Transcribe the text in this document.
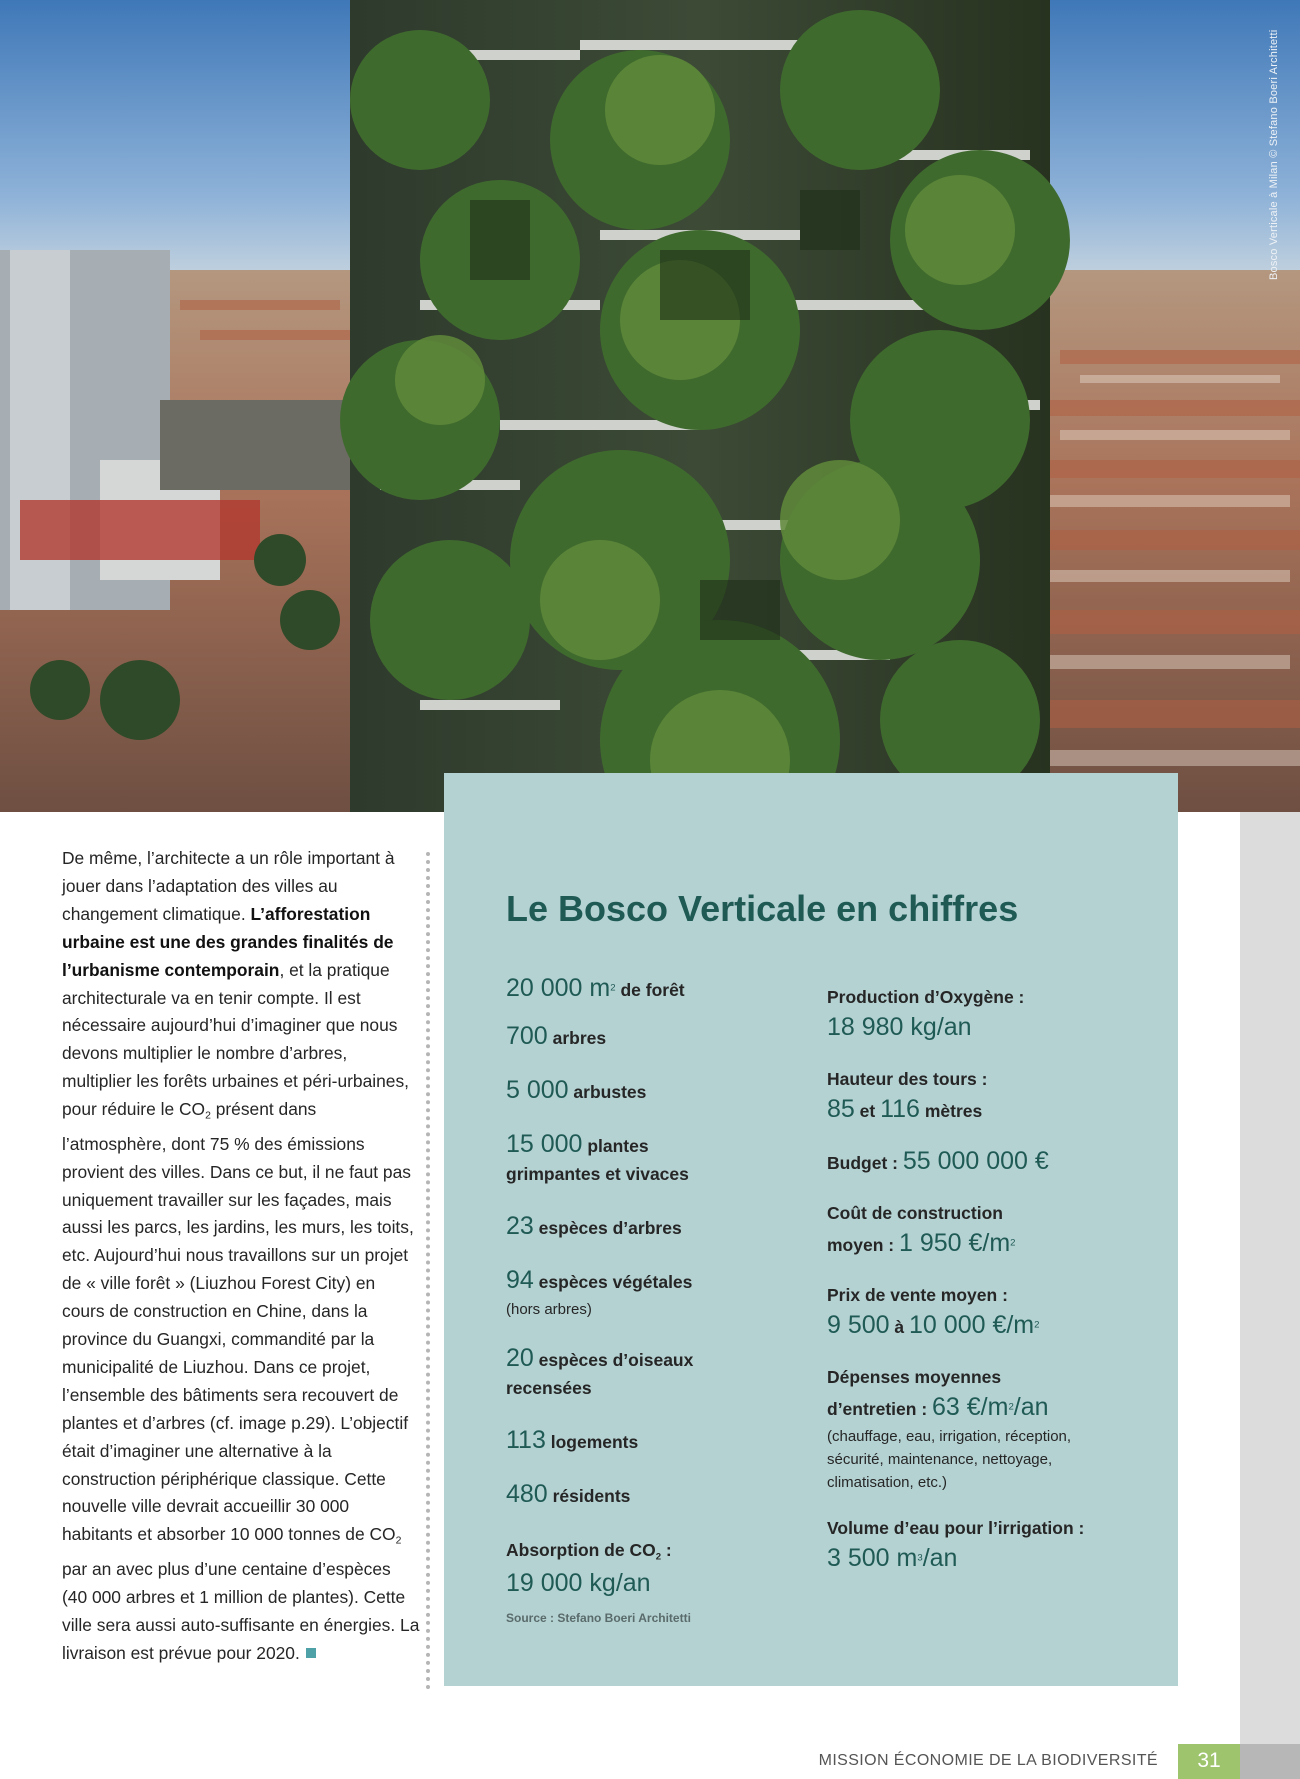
Bosco Verticale à Milan © Stefano Boeri Architetti
De même, l’architecte a un rôle important à jouer dans l’adaptation des villes au changement climatique. L’afforestation urbaine est une des grandes finalités de l’urbanisme contemporain, et la pratique architecturale va en tenir compte. Il est nécessaire aujourd’hui d’imaginer que nous devons multiplier le nombre d’arbres, multiplier les forêts urbaines et péri-urbaines, pour réduire le $CO_2$ présent dans l’atmosphère, dont 75 % des émissions provient des villes. Dans ce but, il ne faut pas uniquement travailler sur les façades, mais aussi les parcs, les jardins, les murs, les toits, etc. Aujourd’hui nous travaillons sur un projet de « ville forêt » (Liuzhou Forest City) en cours de construction en Chine, dans la province du Guangxi, commandité par la municipalité de Liuzhou. Dans ce projet, l’ensemble des bâtiments sera recouvert de plantes et d’arbres (cf. image p.29). L’objectif était d’imaginer une alternative à la construction périphérique classique. Cette nouvelle ville devrait accueillir 30 000 habitants et absorber 10 000 tonnes de $CO_2$ par an avec plus d’une centaine d’espèces (40 000 arbres et 1 million de plantes). Cette ville sera aussi auto-suffisante en énergies. La livraison est prévue pour 2020.
Le Bosco Verticale en chiffres
20 000 $m^2$ de forêt
700 arbres
5 000 arbustes
15 000 plantes
grimpantes et vivaces
23 espèces d’arbres
94 espèces végétales
(hors arbres)
20 espèces d’oiseaux
recensées
113 logements
480 résidents
Absorption de $CO_2$ :
19 000 kg/an
Production d’Oxygène :
18 980 kg/an
Hauteur des tours :
85 et 116 mètres
Budget : 55 000 000 €
Coût de construction
moyen : 1 950 $€/m^2$
Prix de vente moyen :
9 500 à 10 000 $€/m^2$
Dépenses moyennes
d’entretien : 63 $€/m^2/an$
(chauffage, eau, irrigation, réception, sécurité, maintenance, nettoyage, climatisation, etc.)
Volume d’eau pour l’irrigation :
3 500 $m^3/an$
Source : Stefano Boeri Architetti
MISSION ÉCONOMIE DE LA BIODIVERSITÉ	31
